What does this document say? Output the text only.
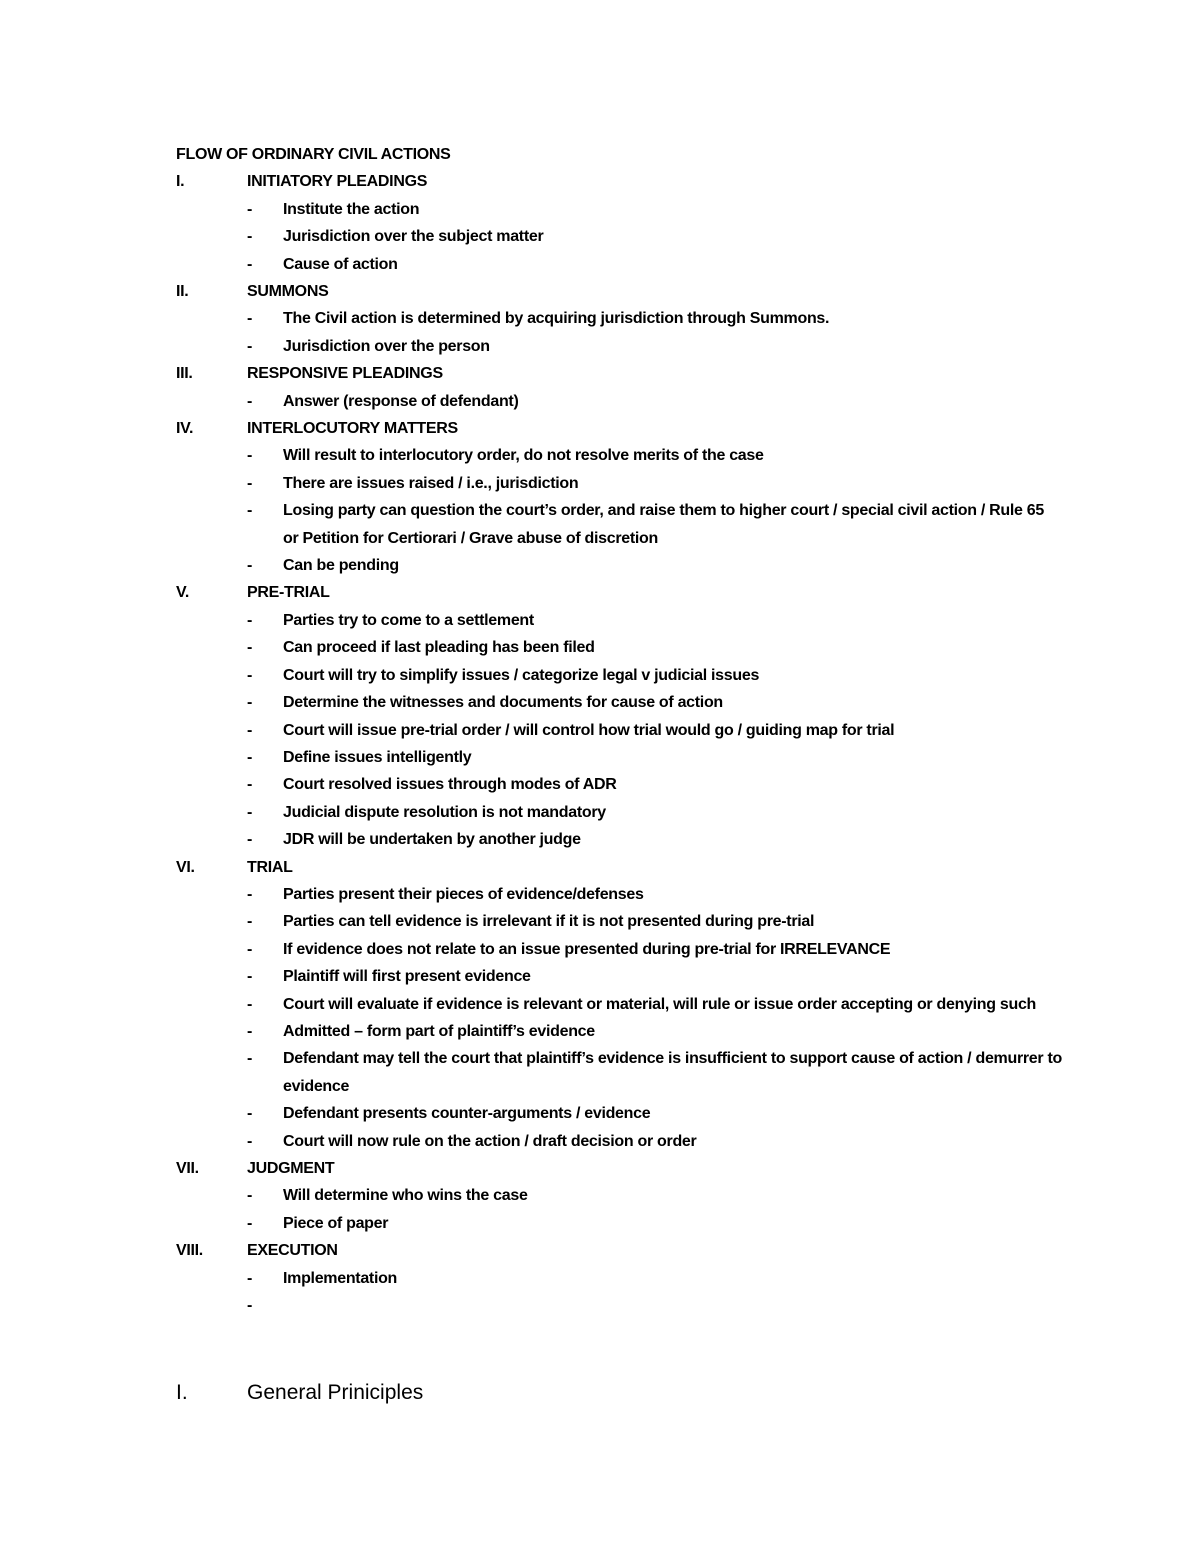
FLOW OF ORDINARY CIVIL ACTIONS
I.	INITIATORY PLEADINGS
-	Institute the action
-	Jurisdiction over the subject matter
-	Cause of action
II.	SUMMONS
-	The Civil action is determined by acquiring jurisdiction through Summons.
-	Jurisdiction over the person
III.	RESPONSIVE PLEADINGS
-	Answer (response of defendant)
IV.	INTERLOCUTORY MATTERS
-	Will result to interlocutory order, do not resolve merits of the case
-	There are issues raised / i.e., jurisdiction
-	Losing party can question the court’s order, and raise them to higher court / special civil action / Rule 65 or Petition for Certiorari / Grave abuse of discretion
-	Can be pending
V.	PRE-TRIAL
-	Parties try to come to a settlement
-	Can proceed if last pleading has been filed
-	Court will try to simplify issues / categorize legal v judicial issues
-	Determine the witnesses and documents for cause of action
-	Court will issue pre-trial order / will control how trial would go / guiding map for trial
-	Define issues intelligently
-	Court resolved issues through modes of ADR
-	Judicial dispute resolution is not mandatory
-	JDR will be undertaken by another judge
VI.	TRIAL
-	Parties present their pieces of evidence/defenses
-	Parties can tell evidence is irrelevant if it is not presented during pre-trial
-	If evidence does not relate to an issue presented during pre-trial for IRRELEVANCE
-	Plaintiff will first present evidence
-	Court will evaluate if evidence is relevant or material, will rule or issue order accepting or denying such
-	Admitted – form part of plaintiff’s evidence
-	Defendant may tell the court that plaintiff’s evidence is insufficient to support cause of action / demurrer to evidence
-	Defendant presents counter-arguments / evidence
-	Court will now rule on the action / draft decision or order
VII.	JUDGMENT
-	Will determine who wins the case
-	Piece of paper
VIII.	EXECUTION
-	Implementation
-
I.	General Priniciples
